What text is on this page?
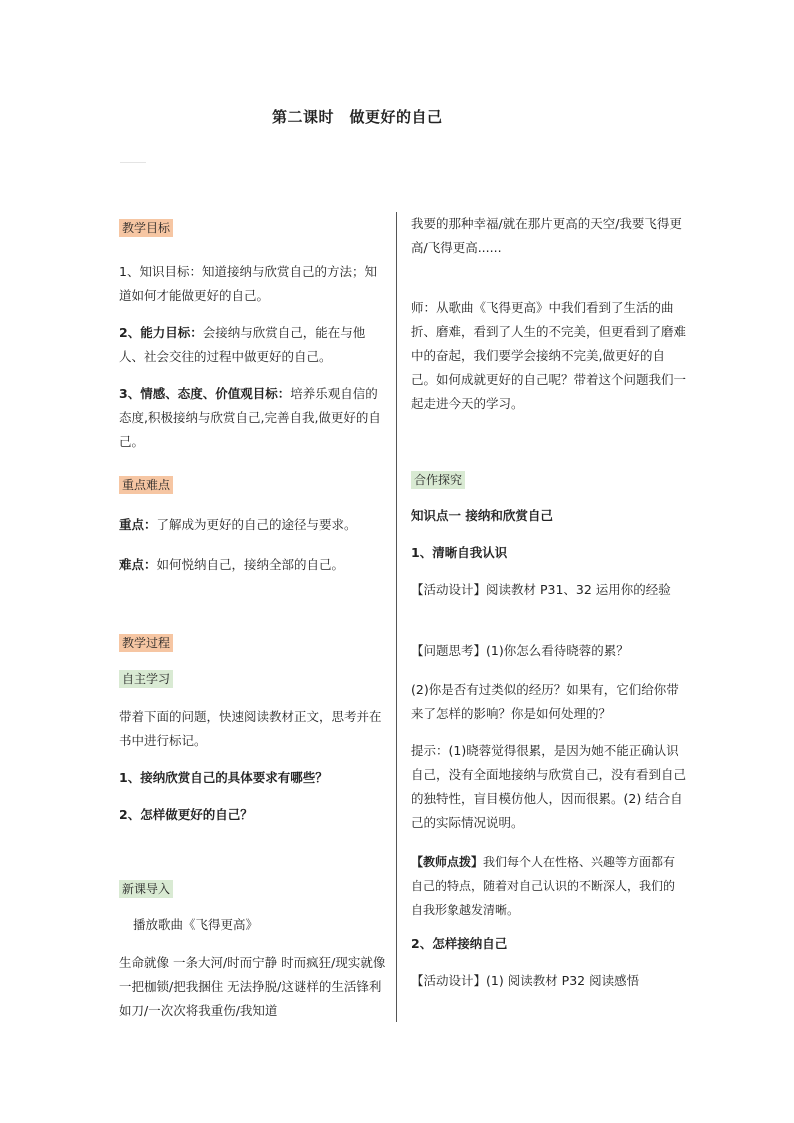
第二课时　做更好的自己
教学目标
1、知识目标：知道接纳与欣赏自己的方法；知道如何才能做更好的自己。
2、能力目标：会接纳与欣赏自己，能在与他人、社会交往的过程中做更好的自己。
3、情感、态度、价值观目标：培养乐观自信的态度,积极接纳与欣赏自己,完善自我,做更好的自己。
重点难点
重点：了解成为更好的自己的途径与要求。
难点：如何悦纳自己，接纳全部的自己。
教学过程
自主学习

带着下面的问题，快速阅读教材正文，思考并在书中进行标记。

1、接纳欣赏自己的具体要求有哪些？

2、怎样做更好的自己？

新课导入

播放歌曲《飞得更高》

生命就像 一条大河/时而宁静 时而疯狂/现实就像 一把枷锁/把我捆住 无法挣脱/这谜样的生活锋利如刀/一次次将我重伤/我知道

我要的那种幸福/就在那片更高的天空/我要飞得更高/飞得更高......

师：从歌曲《飞得更高》中我们看到了生活的曲折、磨难，看到了人生的不完美，但更看到了磨难中的奋起，我们要学会接纳不完美,做更好的自己。如何成就更好的自己呢？带着这个问题我们一起走进今天的学习。

合作探究

知识点一 接纳和欣赏自己

1、清晰自我认识

【活动设计】阅读教材 P31、32 运用你的经验
【问题思考】(1)你怎么看待晓蓉的累？

(2)你是否有过类似的经历？如果有，它们给你带来了怎样的影响？你是如何处理的？

提示：(1)晓蓉觉得很累，是因为她不能正确认识自己，没有全面地接纳与欣赏自己，没有看到自己的独特性，盲目模仿他人，因而很累。(2) 结合自己的实际情况说明。

【教师点拨】我们每个人在性格、兴趣等方面都有自己的特点，随着对自己认识的不断深人，我们的自我形象越发清晰。

2、怎样接纳自己

【活动设计】(1) 阅读教材 P32 阅读感悟
